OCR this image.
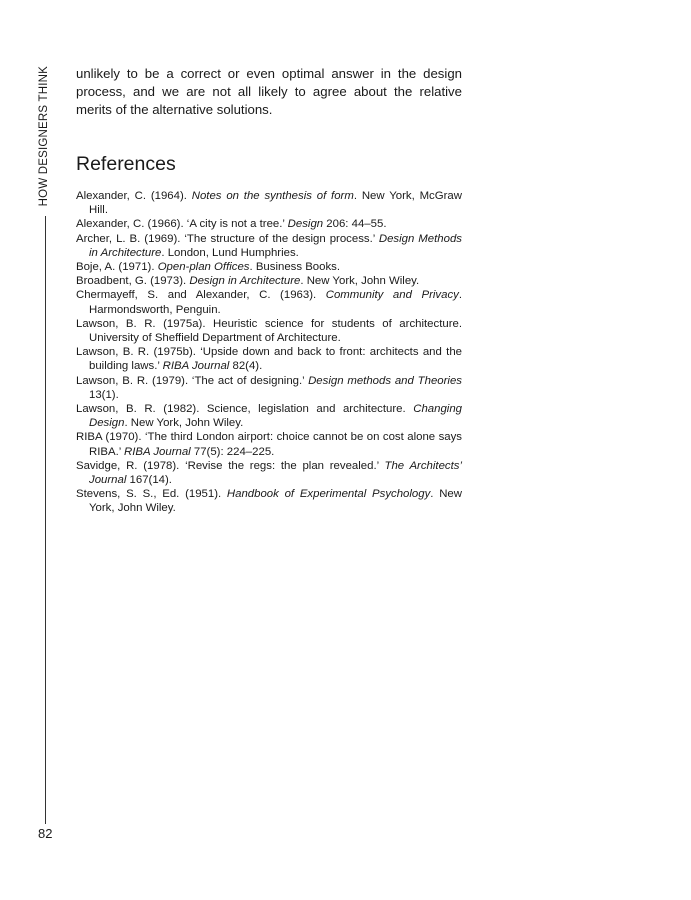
HOW DESIGNERS THINK
82

unlikely to be a correct or even optimal answer in the design process, and we are not all likely to agree about the relative merits of the alternative solutions.

References
Alexander, C. (1964). Notes on the synthesis of form. New York, McGraw Hill.
Alexander, C. (1966). ‘A city is not a tree.’ Design 206: 44–55.
Archer, L. B. (1969). ‘The structure of the design process.’ Design Methods in Architecture. London, Lund Humphries.
Boje, A. (1971). Open-plan Offices. Business Books.
Broadbent, G. (1973). Design in Architecture. New York, John Wiley.
Chermayeff, S. and Alexander, C. (1963). Community and Privacy. Harmondsworth, Penguin.
Lawson, B. R. (1975a). Heuristic science for students of architecture. University of Sheffield Department of Architecture.
Lawson, B. R. (1975b). ‘Upside down and back to front: architects and the building laws.’ RIBA Journal 82(4).
Lawson, B. R. (1979). ‘The act of designing.’ Design methods and Theories 13(1).
Lawson, B. R. (1982). Science, legislation and architecture. Changing Design. New York, John Wiley.
RIBA (1970). ‘The third London airport: choice cannot be on cost alone says RIBA.’ RIBA Journal 77(5): 224–225.
Savidge, R. (1978). ‘Revise the regs: the plan revealed.’ The Architects’ Journal 167(14).
Stevens, S. S., Ed. (1951). Handbook of Experimental Psychology. New York, John Wiley.
